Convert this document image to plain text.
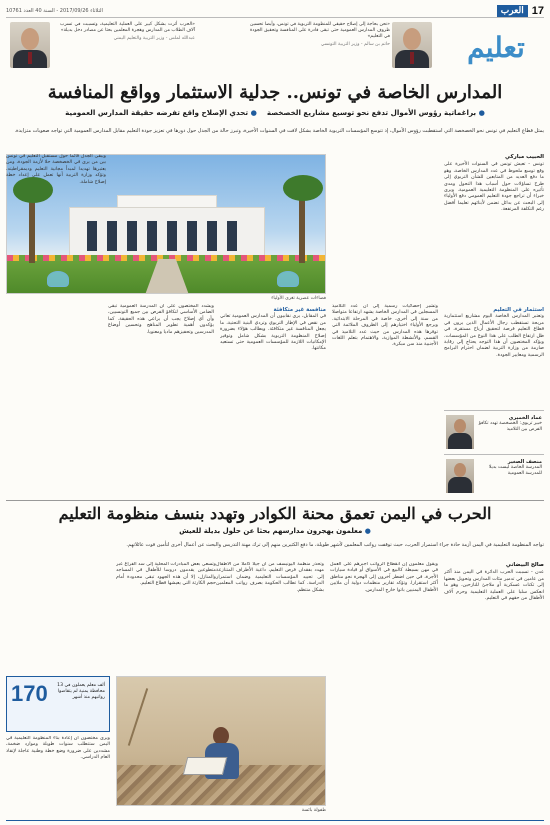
17
العرب
الثلاثاء 2017/09/26 - السنة 40 العدد 10761
تعليم
«نحن بحاجة إلى إصلاح حقيقي للمنظومة التربوية في تونس، وأيضا تحسين ظروف المدارس العمومية حتى تبقى قادرة على المنافسة وتحقيق الجودة في التعليم»
حاتم بن سالم - وزير التربية التونسي
«الحرب أثرت بشكل كبير على العملية التعليمية، وتسببت في تسرب آلاف الطلاب من المدارس وهجرة المعلمين بحثا عن مصادر دخل بديلة»
عبدالله لملس - وزير التربية والتعليم اليمني
المدارس الخاصة في تونس.. جدلية الاستثمار وواقع المنافسة
● براغماتية رؤوس الأموال تدفع نحو توسيع مشاريع الخصخصة    ● تحدي الإصلاح واقع تفرضه حقيقة المدارس العمومية

يمثل قطاع التعليم في تونس نحو الخصخصة التي استقطبت رؤوس الأموال، إذ تتوسع المؤسسات التربوية الخاصة بشكل لافت في السنوات الأخيرة، وتبرز حالة من الجدل حول دورها في تعزيز جودة التعليم مقابل المدارس العمومية التي تواجه صعوبات متزايدة.

فضاءات عصرية تغري الأولياء
الحبيب مباركي
تونس - تعيش تونس في السنوات الأخيرة على وقع توسع ملحوظ في عدد المدارس الخاصة، وهو ما دفع العديد من المتابعين للشأن التربوي إلى طرح تساؤلات حول أسباب هذا التحول ومدى تأثيره على المنظومة التعليمية العمومية. ويرى خبراء أن تراجع جودة التعليم العمومي دفع الأولياء إلى البحث عن بدائل تضمن لأبنائهم تعليما أفضل رغم التكلفة المرتفعة.
استثمار في التعليم
وتعتبر المدارس الخاصة اليوم مشاريع استثمارية مربحة تستقطب رجال الأعمال الذين يرون في قطاع التعليم فرصة لتحقيق أرباح مستقرة، في ظل ارتفاع الطلب على هذا النوع من المؤسسات. ويؤكد المختصون أن هذا التوجه يحتاج إلى رقابة صارمة من وزارة التربية لضمان احترام البرامج الرسمية ومعايير الجودة.
وتشير إحصائيات رسمية إلى أن عدد التلاميذ المسجلين في المدارس الخاصة يشهد ارتفاعا متواصلا من سنة إلى أخرى، خاصة في المرحلة الابتدائية. ويرجع الأولياء اختيارهم إلى الظروف الملائمة التي توفرها هذه المدارس من حيث عدد التلاميذ في القسم، والأنشطة الموازية، والاهتمام بتعلم اللغات الأجنبية منذ سن مبكرة.
منافسة غير متكافئة
في المقابل، يرى نقابيون أن المدارس العمومية تعاني من نقص في الإطار التربوي وتردي البنية التحتية، ما يجعل المنافسة غير متكافئة. ويطالب هؤلاء بضرورة إصلاح المنظومة التربوية بشكل شامل وتوفير الإمكانيات اللازمة للمؤسسات العمومية حتى تستعيد مكانتها.
ويشدد المختصون على أن المدرسة العمومية تبقى الضامن الأساسي لتكافؤ الفرص بين جميع التونسيين، وأن أي إصلاح يجب أن يراعي هذه الحقيقة. كما يؤكدون أهمية تطوير المناهج وتحسين أوضاع المدرسين وتحفيزهم ماديا ومعنويا.
ويبقى الجدل قائما حول مستقبل التعليم في تونس بين من يرى في الخصخصة حلا لأزمة الجودة، ومن يعتبرها تهديدا لمبدأ مجانية التعليم وديمقراطيته. وتؤكد وزارة التربية أنها تعمل على إعداد خطة إصلاح شاملة.
عماد الخميري
خبير تربوي: الخصخصة تهدد تكافؤ الفرص بين التلاميذ
منصف الصغير
المدرسة الخاصة ليست بديلا للمدرسة العمومية
الحرب في اليمن تعمق محنة الكوادر وتهدد بنسف منظومة التعليم
● معلمون يهجرون مدارسهم بحثا عن حلول بديلة للعيش

تواجه المنظومة التعليمية في اليمن أزمة حادة جراء استمرار الحرب، حيث توقفت رواتب المعلمين لأشهر طويلة، ما دفع الكثيرين منهم إلى ترك مهنة التدريس والبحث عن أعمال أخرى لتأمين قوت عائلاتهم.

صالح البيضاني
عدن - تسببت الحرب الدائرة في اليمن منذ أكثر من عامين في تدمير مئات المدارس وتحويل بعضها إلى ثكنات عسكرية أو ملاجئ للنازحين، وهو ما انعكس سلبا على العملية التعليمية وحرم آلاف الأطفال من حقهم في التعليم.
ويقول معلمون إن انقطاع الرواتب أجبرهم على العمل في مهن بسيطة كالبيع في الأسواق أو قيادة سيارات الأجرة، في حين اضطر آخرون إلى الهجرة نحو مناطق أكثر استقرارا. وتؤكد تقارير منظمات دولية أن ملايين الأطفال اليمنيين باتوا خارج المدارس.
وتحذر منظمة اليونيسف من أن جيلا كاملا من الأطفال مهدد بفقدان فرص التعليم، داعية الأطراف المتنازعة إلى تحييد المؤسسات التعليمية وضمان استمرار الدراسة. كما تطالب الحكومة بصرف رواتب المعلمين بشكل منتظم.
وتسعى بعض المبادرات المحلية إلى سد الفراغ عبر متطوعين يقدمون دروسا للأطفال في المساجد والمنازل، إلا أن هذه الجهود تبقى محدودة أمام حجم الكارثة التي يعيشها قطاع التعليم.
ويرى مختصون أن إعادة بناء المنظومة التعليمية في اليمن ستتطلب سنوات طويلة وموارد ضخمة، مشددين على ضرورة وضع خطة وطنية عاجلة لإنقاذ العام الدراسي.
170	ألف معلم يعملون في 13 محافظة يمنية لم يتقاضوا رواتبهم منذ أشهر
طفولة بائسة
